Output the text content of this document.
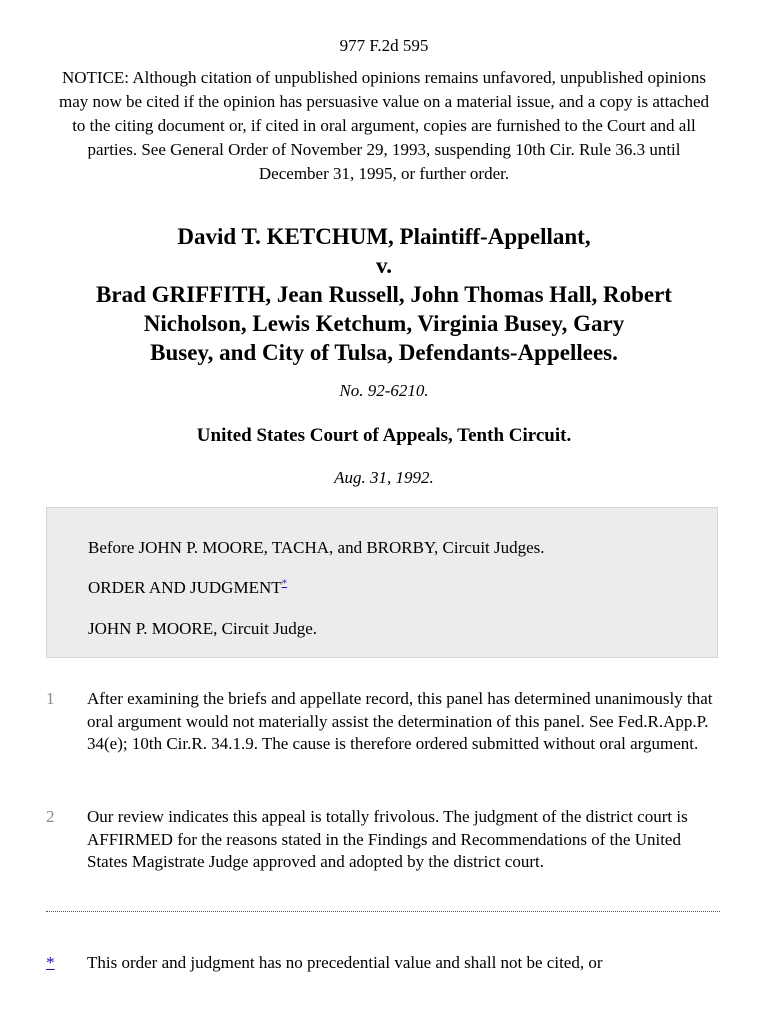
977 F.2d 595
NOTICE: Although citation of unpublished opinions remains unfavored, unpublished opinions may now be cited if the opinion has persuasive value on a material issue, and a copy is attached to the citing document or, if cited in oral argument, copies are furnished to the Court and all parties. See General Order of November 29, 1993, suspending 10th Cir. Rule 36.3 until December 31, 1995, or further order.
David T. KETCHUM, Plaintiff-Appellant,
v.
Brad GRIFFITH, Jean Russell, John Thomas Hall, Robert
Nicholson, Lewis Ketchum, Virginia Busey, Gary
Busey, and City of Tulsa, Defendants-Appellees.
No. 92-6210.
United States Court of Appeals, Tenth Circuit.
Aug. 31, 1992.
Before JOHN P. MOORE, TACHA, and BRORBY, Circuit Judges.
ORDER AND JUDGMENT*
JOHN P. MOORE, Circuit Judge.
1 After examining the briefs and appellate record, this panel has determined unanimously that oral argument would not materially assist the determination of this panel. See Fed.R.App.P. 34(e); 10th Cir.R. 34.1.9. The cause is therefore ordered submitted without oral argument.
2 Our review indicates this appeal is totally frivolous. The judgment of the district court is AFFIRMED for the reasons stated in the Findings and Recommendations of the United States Magistrate Judge approved and adopted by the district court.
* This order and judgment has no precedential value and shall not be cited, or
